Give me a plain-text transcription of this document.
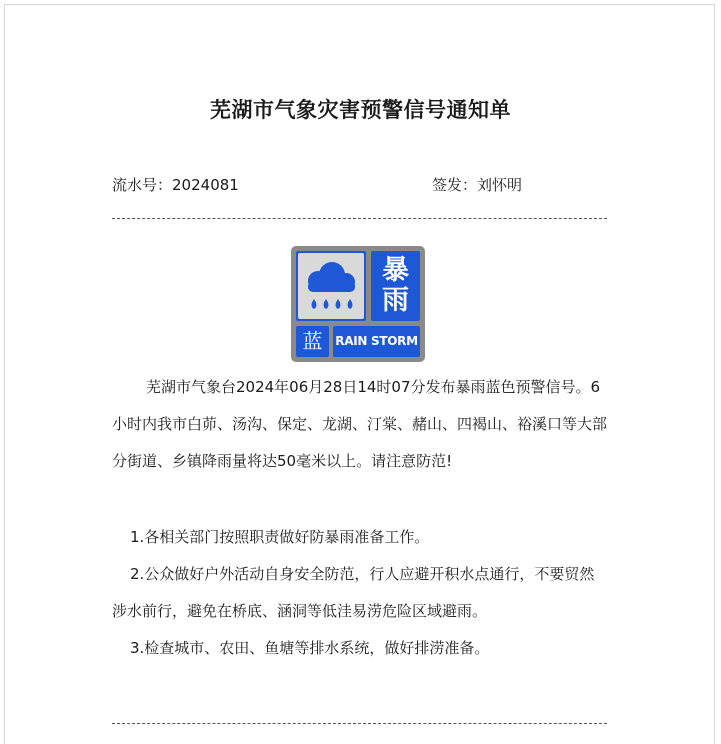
芜湖市气象灾害预警信号通知单
流水号：2024081	签发：刘怀明
暴
雨
蓝	RAIN STORM
芜湖市气象台2024年06月28日14时07分发布暴雨蓝色预警信号。6小时内我市白茆、汤沟、保定、龙湖、汀棠、赭山、四褐山、裕溪口等大部分街道、乡镇降雨量将达50毫米以上。请注意防范!
1.各相关部门按照职责做好防暴雨准备工作。
2.公众做好户外活动自身安全防范，行人应避开积水点通行，不要贸然涉水前行，避免在桥底、涵洞等低洼易涝危险区域避雨。
3.检查城市、农田、鱼塘等排水系统，做好排涝准备。
